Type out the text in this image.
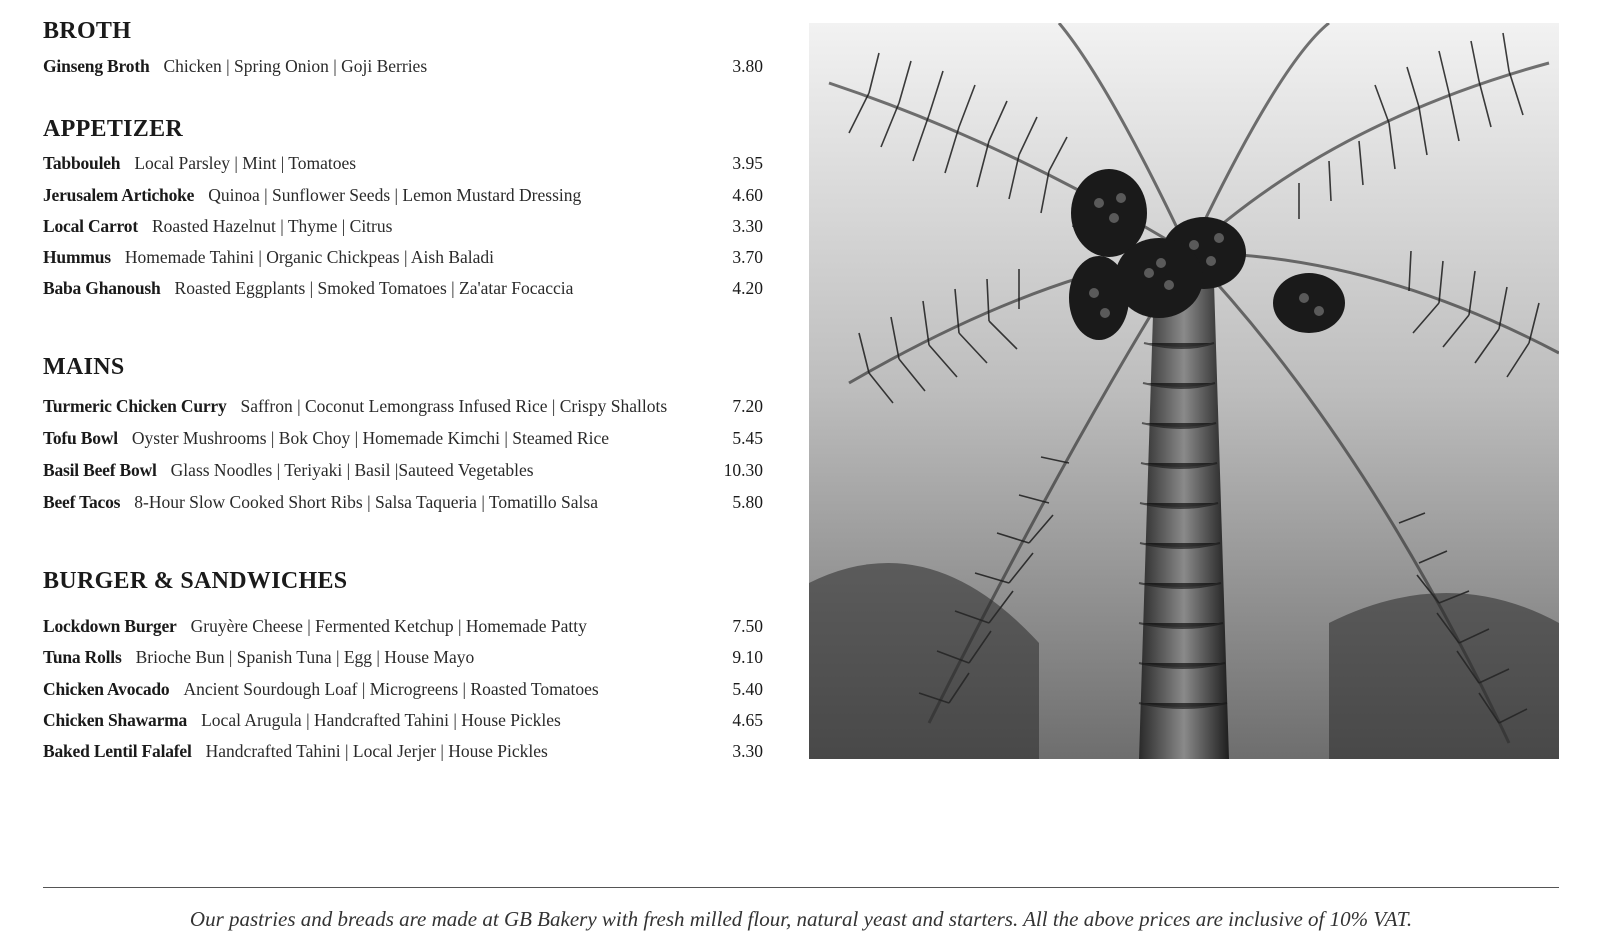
BROTH
Ginseng Broth Chicken | Spring Onion | Goji Berries	3.80
APPETIZER
Tabbouleh Local Parsley | Mint | Tomatoes	3.95
Jerusalem Artichoke Quinoa | Sunflower Seeds | Lemon Mustard Dressing	4.60
Local Carrot Roasted Hazelnut | Thyme | Citrus	3.30
Hummus Homemade Tahini | Organic Chickpeas | Aish Baladi	3.70
Baba Ghanoush Roasted Eggplants | Smoked Tomatoes | Za'atar Focaccia	4.20
MAINS
Turmeric Chicken Curry Saffron | Coconut Lemongrass Infused Rice | Crispy Shallots	7.20
Tofu Bowl Oyster Mushrooms | Bok Choy | Homemade Kimchi | Steamed Rice	5.45
Basil Beef Bowl Glass Noodles | Teriyaki | Basil |Sauteed Vegetables	10.30
Beef Tacos 8-Hour Slow Cooked Short Ribs | Salsa Taqueria | Tomatillo Salsa	5.80
BURGER & SANDWICHES
Lockdown Burger Gruyère Cheese | Fermented Ketchup | Homemade Patty	7.50
Tuna Rolls Brioche Bun | Spanish Tuna | Egg | House Mayo	9.10
Chicken Avocado Ancient Sourdough Loaf | Microgreens | Roasted Tomatoes	5.40
Chicken Shawarma Local Arugula | Handcrafted Tahini | House Pickles	4.65
Baked Lentil Falafel Handcrafted Tahini | Local Jerjer | House Pickles	3.30
Our pastries and breads are made at GB Bakery with fresh milled flour, natural yeast and starters. All the above prices are inclusive of 10% VAT.
